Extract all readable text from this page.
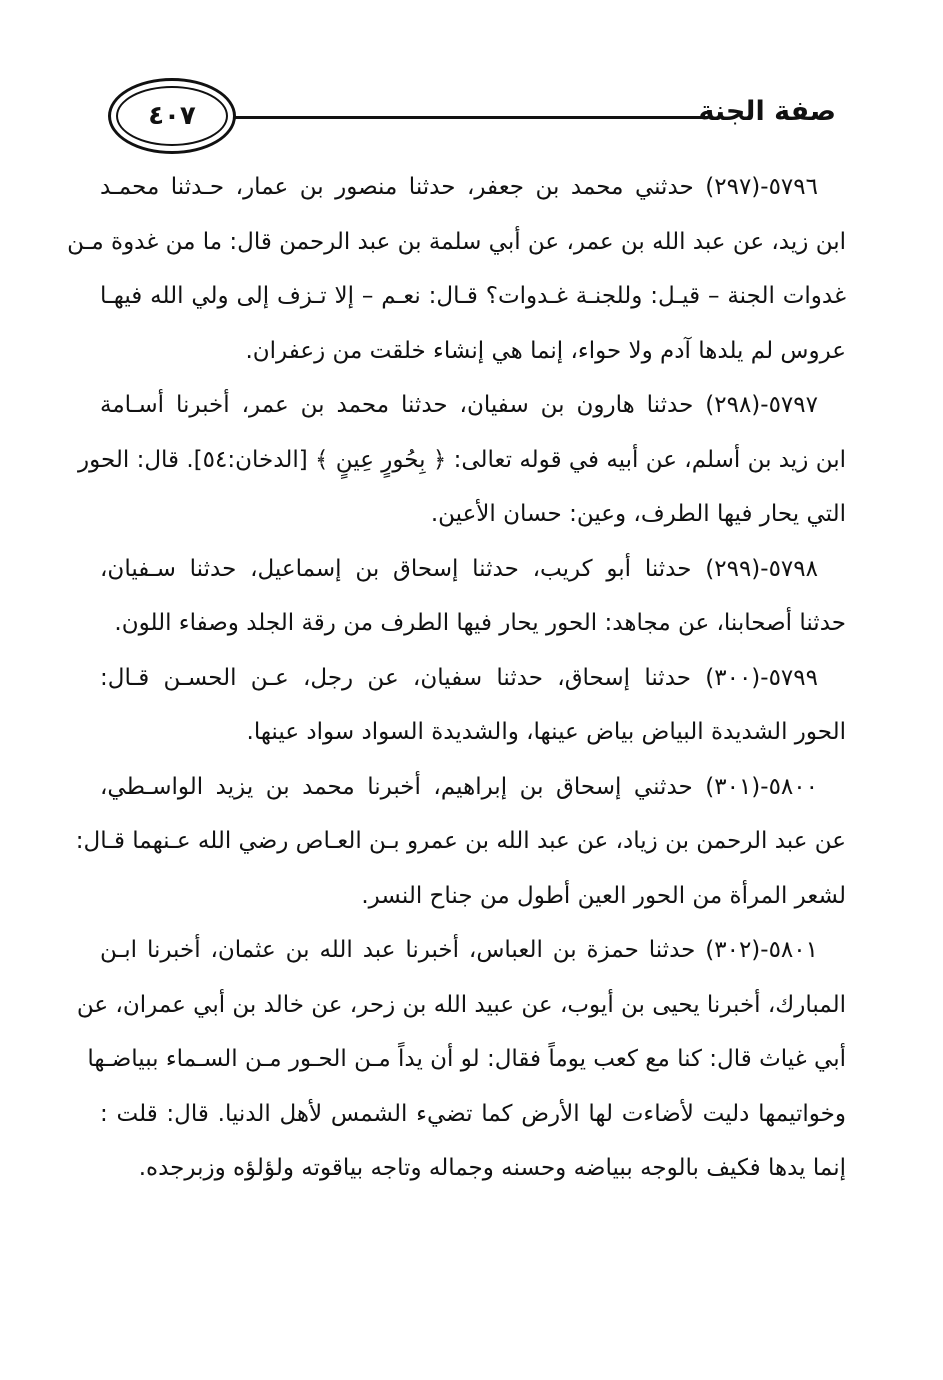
صفة الجنة
٤٠٧
٥٧٩٦-(٢٩٧) حدثني محمد بن جعفر، حدثنا منصور بن عمار، حـدثنا محمـد
ابن زيد، عن عبد الله بن عمر، عن أبي سلمة بن عبد الرحمن قال: ما من غدوة مـن
غدوات الجنة – قيـل: وللجنـة غـدوات؟ قـال: نعـم – إلا تـزف إلى ولي الله فيهـا
عروس لم يلدها آدم ولا حواء، إنما هي إنشاء خلقت من زعفران.
٥٧٩٧-(٢٩٨) حدثنا هارون بن سفيان، حدثنا محمد بن عمر، أخبرنا أسـامة
ابن زيد بن أسلم، عن أبيه في قوله تعالى: ﴿ بِحُورٍ عِينٍ ﴾ [الدخان:٥٤]. قال: الحور
التي يحار فيها الطرف، وعين: حسان الأعين.
٥٧٩٨-(٢٩٩) حدثنا أبو كريب، حدثنا إسحاق بن إسماعيل، حدثنا سـفيان،
حدثنا أصحابنا، عن مجاهد: الحور يحار فيها الطرف من رقة الجلد وصفاء اللون.
٥٧٩٩-(٣٠٠) حدثنا إسحاق، حدثنا سفيان، عن رجل، عـن الحسـن قـال:
الحور الشديدة البياض بياض عينها، والشديدة السواد سواد عينها.
٥٨٠٠-(٣٠١) حدثني إسحاق بن إبراهيم، أخبرنا محمد بن يزيد الواسـطي،
عن عبد الرحمن بن زياد، عن عبد الله بن عمرو بـن العـاص رضي الله عـنهما قـال:
لشعر المرأة من الحور العين أطول من جناح النسر.
٥٨٠١-(٣٠٢) حدثنا حمزة بن العباس، أخبرنا عبد الله بن عثمان، أخبرنا ابـن
المبارك، أخبرنا يحيى بن أيوب، عن عبيد الله بن زحر، عن خالد بن أبي عمران، عن
أبي غياث قال: كنا مع كعب يوماً فقال: لو أن يداً مـن الحـور مـن السـماء ببياضـها
وخواتيمها دليت لأضاءت لها الأرض كما تضيء الشمس لأهل الدنيا. قال: قلت :
إنما يدها فكيف بالوجه ببياضه وحسنه وجماله وتاجه بياقوته ولؤلؤه وزبرجده.
